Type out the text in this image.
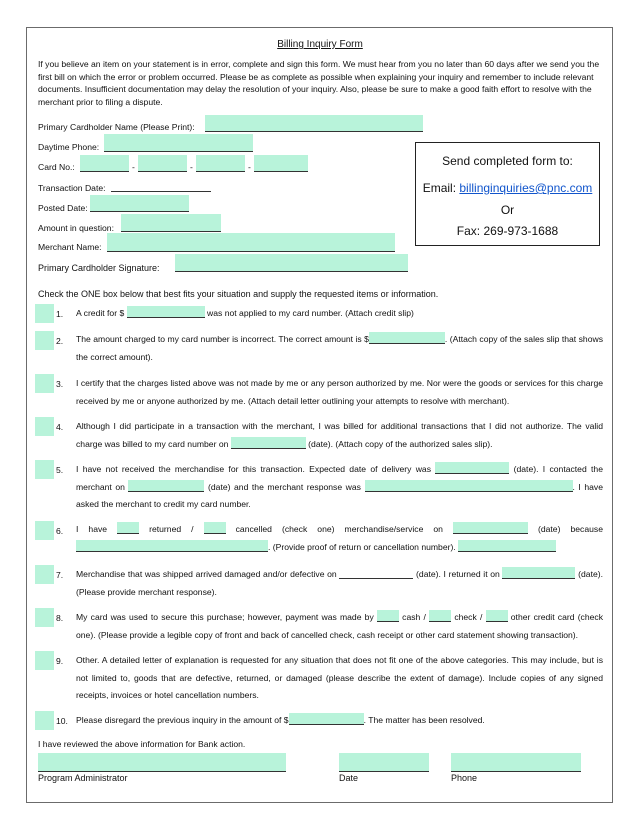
Billing Inquiry Form
If you believe an item on your statement is in error, complete and sign this form. We must hear from you no later than 60 days after we send you the first bill on which the error or problem occurred. Please be as complete as possible when explaining your inquiry and remember to include relevant documents. Insufficient documentation may delay the resolution of your inquiry. Also, please be sure to make a good faith effort to resolve with the merchant prior to filing a dispute.
Primary Cardholder Name (Please Print):
Daytime Phone:
Card No.:	-	-	-
Transaction Date:
Posted Date:
Amount in question:
Merchant Name:
Primary Cardholder Signature:
Send completed form to:
Email: billinginquiries@pnc.com
Or
Fax: 269-973-1688
Check the ONE box below that best fits your situation and supply the requested items or information.
1. A credit for $	was not applied to my card number. (Attach credit slip)
2. The amount charged to my card number is incorrect. The correct amount is $	. (Attach copy of the sales slip that shows the correct amount).
3. I certify that the charges listed above was not made by me or any person authorized by me. Nor were the goods or services for this charge received by me or anyone authorized by me. (Attach detail letter outlining your attempts to resolve with merchant).
4. Although I did participate in a transaction with the merchant, I was billed for additional transactions that I did not authorize. The valid charge was billed to my card number on	(date). (Attach copy of the authorized sales slip).
5. I have not received the merchandise for this transaction. Expected date of delivery was	(date). I contacted the merchant on	(date) and the merchant response was	. I have asked the merchant to credit my card number.
6. I have	returned /	cancelled (check one) merchandise/service on	(date) because . (Provide proof of return or cancellation number).
7. Merchandise that was shipped arrived damaged and/or defective on	(date). I returned it on	(date). (Please provide merchant response).
8. My card was used to secure this purchase; however, payment was made by	cash /	check /	other credit card (check one). (Please provide a legible copy of front and back of cancelled check, cash receipt or other card statement showing transaction).
9. Other. A detailed letter of explanation is requested for any situation that does not fit one of the above categories. This may include, but is not limited to, goods that are defective, returned, or damaged (please describe the extent of damage). Include copies of any signed receipts, invoices or hotel cancellation numbers.
10. Please disregard the previous inquiry in the amount of $	. The matter has been resolved.
I have reviewed the above information for Bank action.
Program Administrator	Date	Phone
